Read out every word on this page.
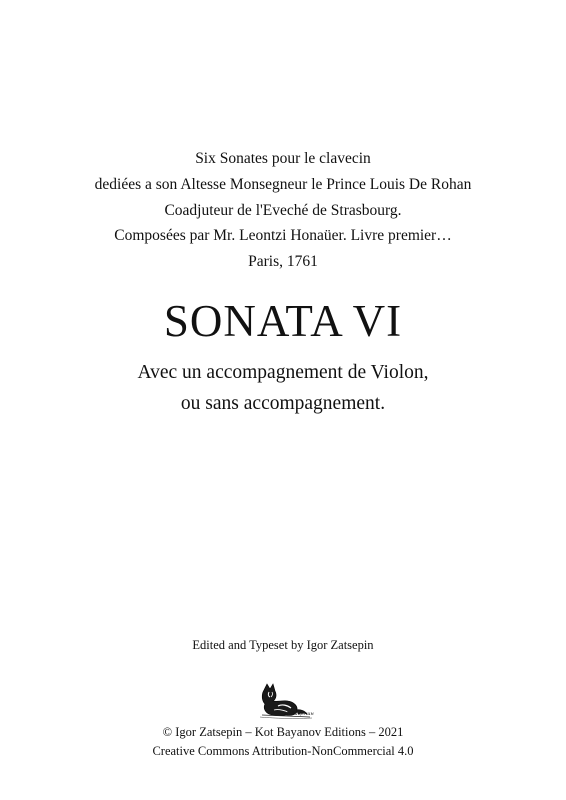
Six Sonates pour le clavecin
dediées a son Altesse Monsegneur le Prince Louis De Rohan
Coadjuteur de l'Eveché de Strasbourg.
Composées par Mr. Leontzi Honaüer. Livre premier…
Paris, 1761
SONATA VI
Avec un accompagnement de Violon,
ou sans accompagnement.
Edited and Typeset by Igor Zatsepin
И. Зацепин
© Igor Zatsepin – Kot Bayanov Editions – 2021
Creative Commons Attribution-NonCommercial 4.0
